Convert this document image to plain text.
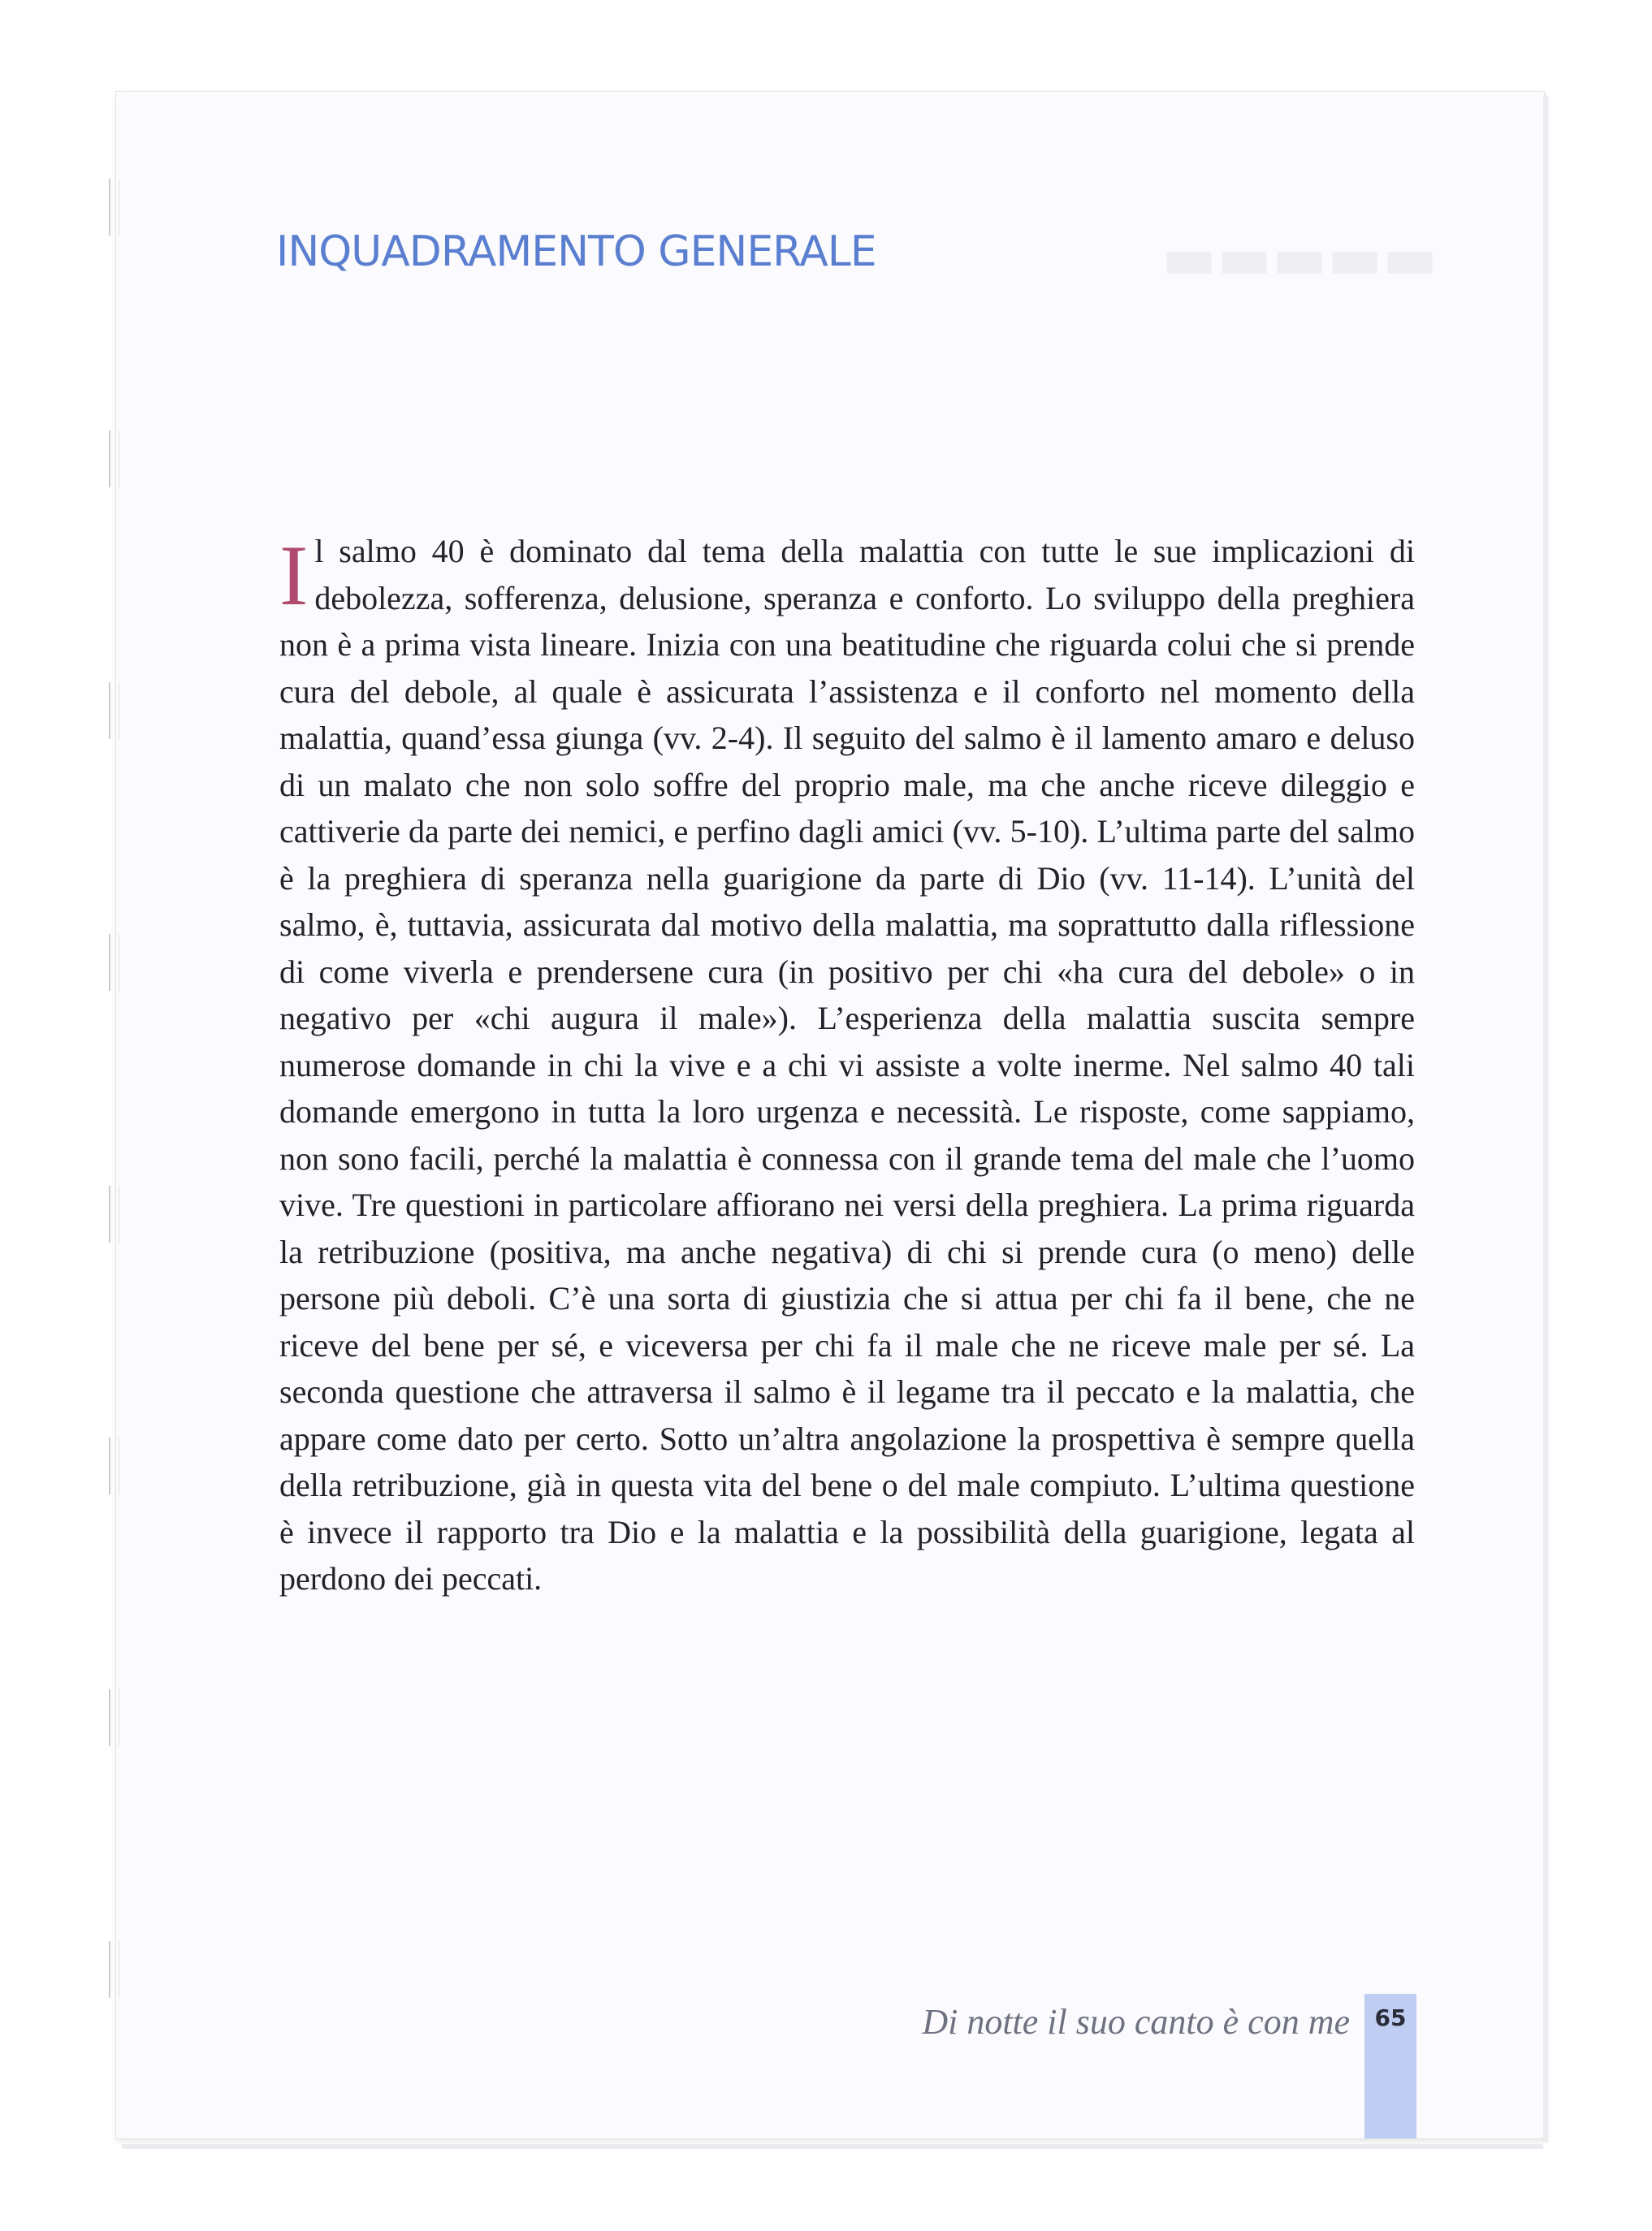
▬▬▬▬▬
INQUADRAMENTO GENERALE

Il salmo 40 è dominato dal tema della malattia con tutte le sue implicazioni di debolezza, sofferenza, delusione, speranza e conforto. Lo sviluppo della preghiera non è a prima vista lineare. Inizia con una beatitudine che riguarda colui che si prende cura del debole, al quale è assicurata l’assistenza e il conforto nel momento della malattia, quand’essa giunga (vv. 2-4). Il seguito del salmo è il lamento amaro e deluso di un malato che non solo soffre del proprio male, ma che anche riceve dileggio e cattiverie da parte dei nemici, e perfino dagli amici (vv. 5-10). L’ultima parte del salmo è la preghiera di speranza nella guarigione da parte di Dio (vv. 11-14). L’unità del salmo, è, tuttavia, assicurata dal motivo della malattia, ma soprattutto dalla riflessione di come viverla e prendersene cura (in positivo per chi «ha cura del debole» o in negativo per «chi augura il male»). L’esperienza della malattia suscita sempre numerose domande in chi la vive e a chi vi assiste a volte inerme. Nel salmo 40 tali domande emergono in tutta la loro urgenza e necessità. Le risposte, come sappiamo, non sono facili, perché la malattia è connessa con il grande tema del male che l’uomo vive. Tre questioni in particolare affiorano nei versi della preghiera. La prima riguarda la retribuzione (positiva, ma anche negativa) di chi si prende cura (o meno) delle persone più deboli. C’è una sorta di giustizia che si attua per chi fa il bene, che ne riceve del bene per sé, e viceversa per chi fa il male che ne riceve male per sé. La seconda questione che attraversa il salmo è il legame tra il peccato e la malattia, che appare come dato per certo. Sotto un’altra angolazione la prospettiva è sempre quella della retribuzione, già in questa vita del bene o del male compiuto. L’ultima questione è invece il rapporto tra Dio e la malattia e la possibilità della guarigione, legata al perdono dei peccati.

Di notte il suo canto è con me	65
